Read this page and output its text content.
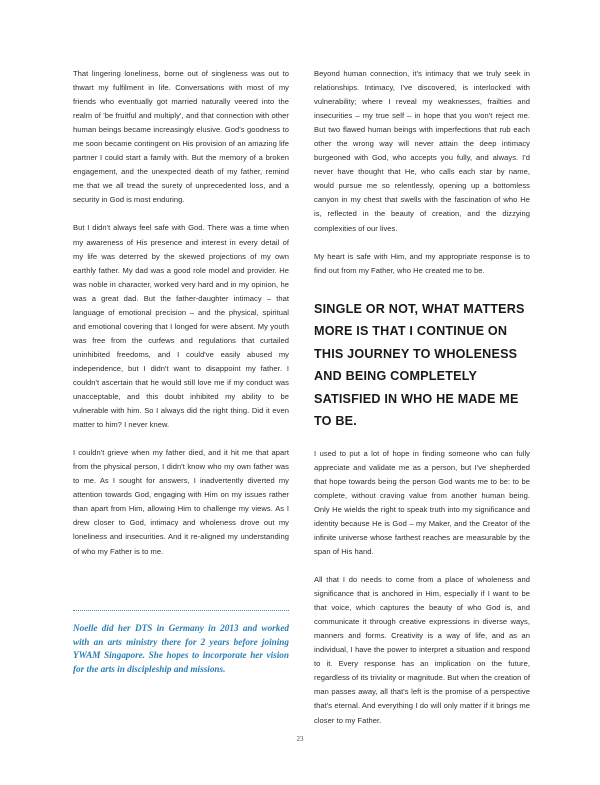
That lingering loneliness, borne out of singleness was out to thwart my fulfilment in life. Conversations with most of my friends who eventually got married naturally veered into the realm of 'be fruitful and multiply', and that connection with other human beings became increasingly elusive. God's goodness to me soon became contingent on His provision of an amazing life partner I could start a family with. But the memory of a broken engagement, and the unexpected death of my father, remind me that we all tread the surety of unprecedented loss, and a security in God is most enduring.

But I didn't always feel safe with God. There was a time when my awareness of His presence and interest in every detail of my life was deterred by the skewed projections of my own earthly father. My dad was a good role model and provider. He was noble in character, worked very hard and in my opinion, he was a great dad. But the father-daughter intimacy – that language of emotional precision – and the physical, spiritual and emotional covering that I longed for were absent. My youth was free from the curfews and regulations that curtailed uninhibited freedoms, and I could've easily abused my independence, but I didn't want to disappoint my father. I couldn't ascertain that he would still love me if my conduct was unacceptable, and this doubt inhibited my ability to be vulnerable with him. So I always did the right thing. Did it even matter to him? I never knew.

I couldn't grieve when my father died, and it hit me that apart from the physical person, I didn't know who my own father was to me. As I sought for answers, I inadvertently diverted my attention towards God, engaging with Him on my issues rather than apart from Him, allowing Him to challenge my views. As I drew closer to God, intimacy and wholeness drove out my loneliness and insecurities. And it re-aligned my understanding of who my Father is to me.

Noelle did her DTS in Germany in 2013 and worked with an arts ministry there for 2 years before joining YWAM Singapore. She hopes to incorporate her vision for the arts in discipleship and missions.

Beyond human connection, it's intimacy that we truly seek in relationships. Intimacy, I've discovered, is interlocked with vulnerability; where I reveal my weaknesses, frailties and insecurities – my true self – in hope that you won't reject me. But two flawed human beings with imperfections that rub each other the wrong way will never attain the deep intimacy burgeoned with God, who accepts you fully, and always. I'd never have thought that He, who calls each star by name, would pursue me so relentlessly, opening up a bottomless canyon in my chest that swells with the fascination of who He is, reflected in the beauty of creation, and the dizzying complexities of our lives.

My heart is safe with Him, and my appropriate response is to find out from my Father, who He created me to be.

SINGLE OR NOT, WHAT MATTERS MORE IS THAT I CONTINUE ON THIS JOURNEY TO WHOLENESS AND BEING COMPLETELY SATISFIED IN WHO HE MADE ME TO BE.

I used to put a lot of hope in finding someone who can fully appreciate and validate me as a person, but I've shepherded that hope towards being the person God wants me to be: to be complete, without craving value from another human being. Only He wields the right to speak truth into my significance and identity because He is God – my Maker, and the Creator of the infinite universe whose farthest reaches are measurable by the span of His hand.

All that I do needs to come from a place of wholeness and significance that is anchored in Him, especially if I want to be that voice, which captures the beauty of who God is, and communicate it through creative expressions in diverse ways, manners and forms. Creativity is a way of life, and as an individual, I have the power to interpret a situation and respond to it. Every response has an implication on the future, regardless of its triviality or magnitude. But when the creation of man passes away, all that's left is the promise of a perspective that's eternal. And everything I do will only matter if it brings me closer to my Father.

23
